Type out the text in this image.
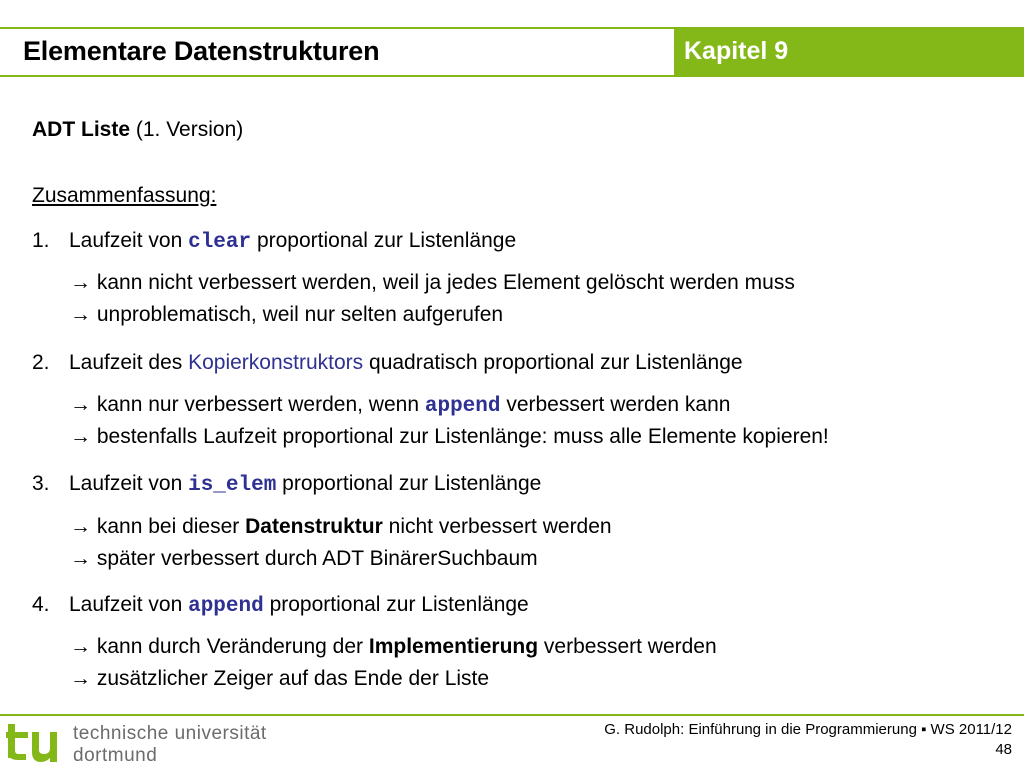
Elementare Datenstrukturen	Kapitel 9
ADT Liste (1. Version)
Zusammenfassung:
1. Laufzeit von clear proportional zur Listenlänge
→ kann nicht verbessert werden, weil ja jedes Element gelöscht werden muss
→ unproblematisch, weil nur selten aufgerufen
2. Laufzeit des Kopierkonstruktors quadratisch proportional zur Listenlänge
→ kann nur verbessert werden, wenn append verbessert werden kann
→ bestenfalls Laufzeit proportional zur Listenlänge: muss alle Elemente kopieren!
3. Laufzeit von is_elem proportional zur Listenlänge
→ kann bei dieser Datenstruktur nicht verbessert werden
→ später verbessert durch ADT BinärerSuchbaum
4. Laufzeit von append proportional zur Listenlänge
→ kann durch Veränderung der Implementierung verbessert werden
→ zusätzlicher Zeiger auf das Ende der Liste
technische universität
dortmund
G. Rudolph: Einführung in die Programmierung ▪ WS 2011/12
48
